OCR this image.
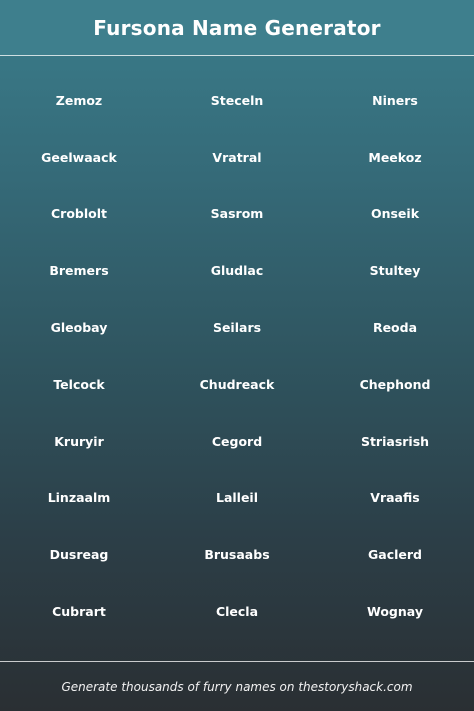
Fursona Name Generator
Zemoz	Steceln	Niners
Geelwaack	Vratral	Meekoz
Croblolt	Sasrom	Onseik
Bremers	Gludlac	Stultey
Gleobay	Seilars	Reoda
Telcock	Chudreack	Chephond
Kruryir	Cegord	Striasrish
Linzaalm	Lalleil	Vraafis
Dusreag	Brusaabs	Gaclerd
Cubrart	Clecla	Wognay
Generate thousands of furry names on thestoryshack.com
